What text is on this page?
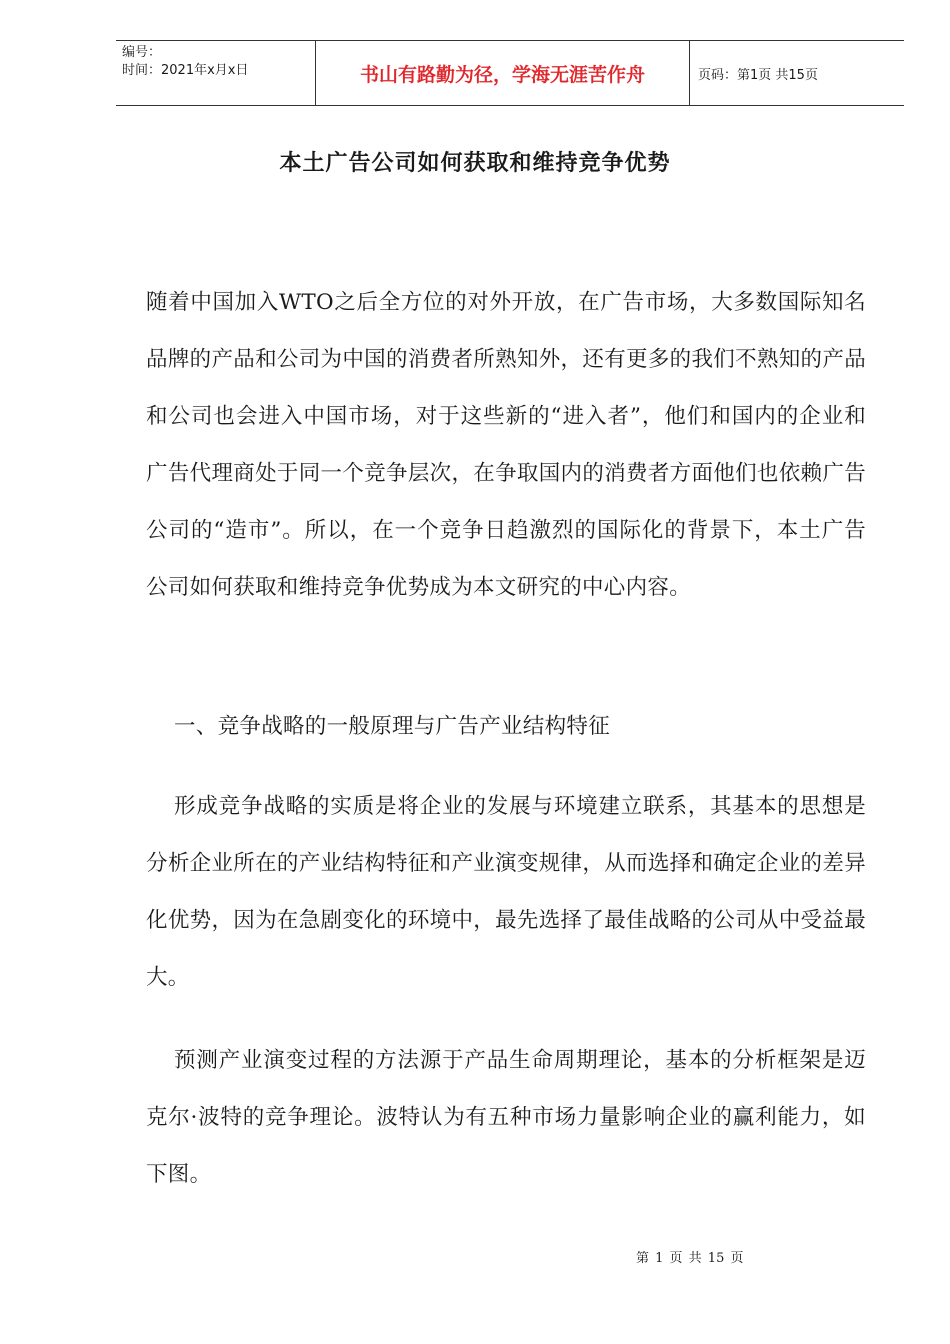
编号：
时间：2021年x月x日	书山有路勤为径，学海无涯苦作舟	页码：第1页 共15页
本土广告公司如何获取和维持竞争优势

随着中国加入WTO之后全方位的对外开放，在广告市场，大多数国际知名品牌的产品和公司为中国的消费者所熟知外，还有更多的我们不熟知的产品和公司也会进入中国市场，对于这些新的“进入者”，他们和国内的企业和广告代理商处于同一个竞争层次，在争取国内的消费者方面他们也依赖广告公司的“造市”。所以，在一个竞争日趋激烈的国际化的背景下，本土广告公司如何获取和维持竞争优势成为本文研究的中心内容。

一、竞争战略的一般原理与广告产业结构特征

形成竞争战略的实质是将企业的发展与环境建立联系，其基本的思想是分析企业所在的产业结构特征和产业演变规律，从而选择和确定企业的差异化优势，因为在急剧变化的环境中，最先选择了最佳战略的公司从中受益最大。

预测产业演变过程的方法源于产品生命周期理论，基本的分析框架是迈克尔·波特的竞争理论。波特认为有五种市场力量影响企业的赢利能力，如下图。

第 1 页 共 15 页
